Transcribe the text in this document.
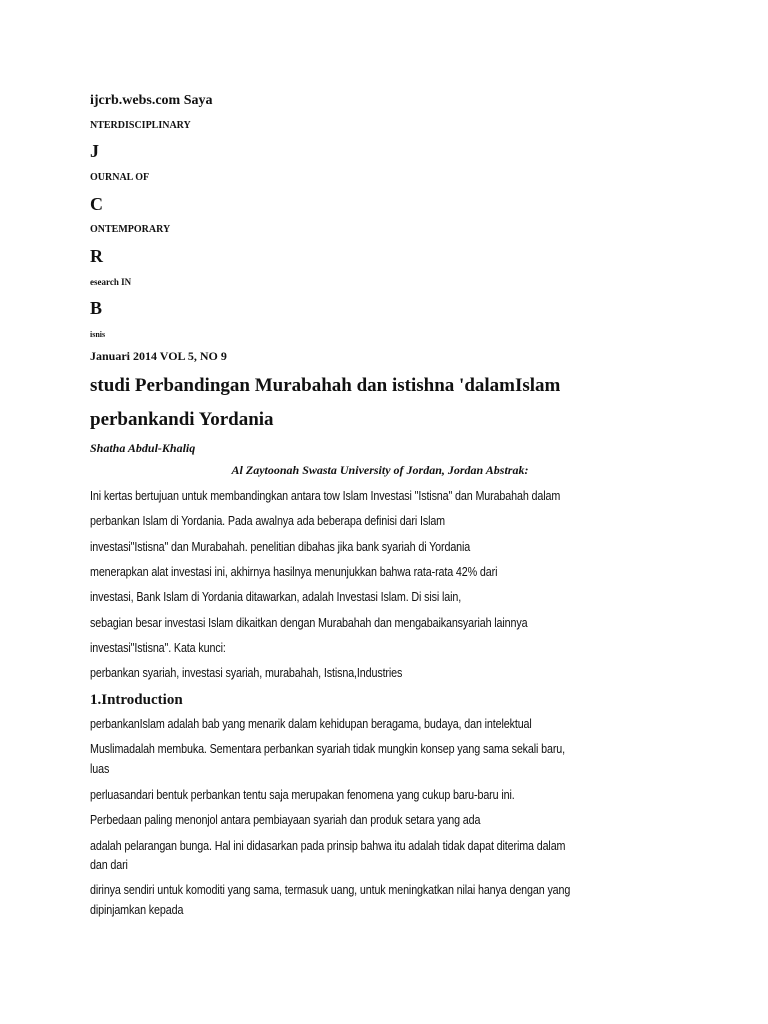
ijcrb.webs.com Saya
NTERDISCIPLINARY
J
OURNAL OF
C
ONTEMPORARY
R
esearch IN
B
isnis
Januari 2014 VOL 5, NO 9
studi Perbandingan Murabahah dan istishna 'dalamIslam
perbankandi Yordania
Shatha Abdul-Khaliq
Al Zaytoonah Swasta University of Jordan, Jordan Abstrak:
Ini kertas bertujuan untuk membandingkan antara tow Islam Investasi "Istisna" dan Murabahah dalam
perbankan Islam di Yordania. Pada awalnya ada beberapa definisi dari Islam
investasi"Istisna" dan Murabahah. penelitian dibahas jika bank syariah di Yordania
menerapkan alat investasi ini, akhirnya hasilnya menunjukkan bahwa rata-rata 42% dari
investasi, Bank Islam di Yordania ditawarkan, adalah Investasi Islam. Di sisi lain,
sebagian besar investasi Islam dikaitkan dengan Murabahah dan mengabaikansyariah lainnya
investasi"Istisna". Kata kunci:
perbankan syariah, investasi syariah, murabahah, Istisna,Industries
1.Introduction
perbankanIslam adalah bab yang menarik dalam kehidupan beragama, budaya, dan intelektual
Muslimadalah membuka. Sementara perbankan syariah tidak mungkin konsep yang sama sekali baru,
luas
perluasandari bentuk perbankan tentu saja merupakan fenomena yang cukup baru-baru ini.
Perbedaan paling menonjol antara pembiayaan syariah dan produk setara yang ada
adalah pelarangan bunga. Hal ini didasarkan pada prinsip bahwa itu adalah tidak dapat diterima dalam
dan dari
dirinya sendiri untuk komoditi yang sama, termasuk uang, untuk meningkatkan nilai hanya dengan yang
dipinjamkan kepada
